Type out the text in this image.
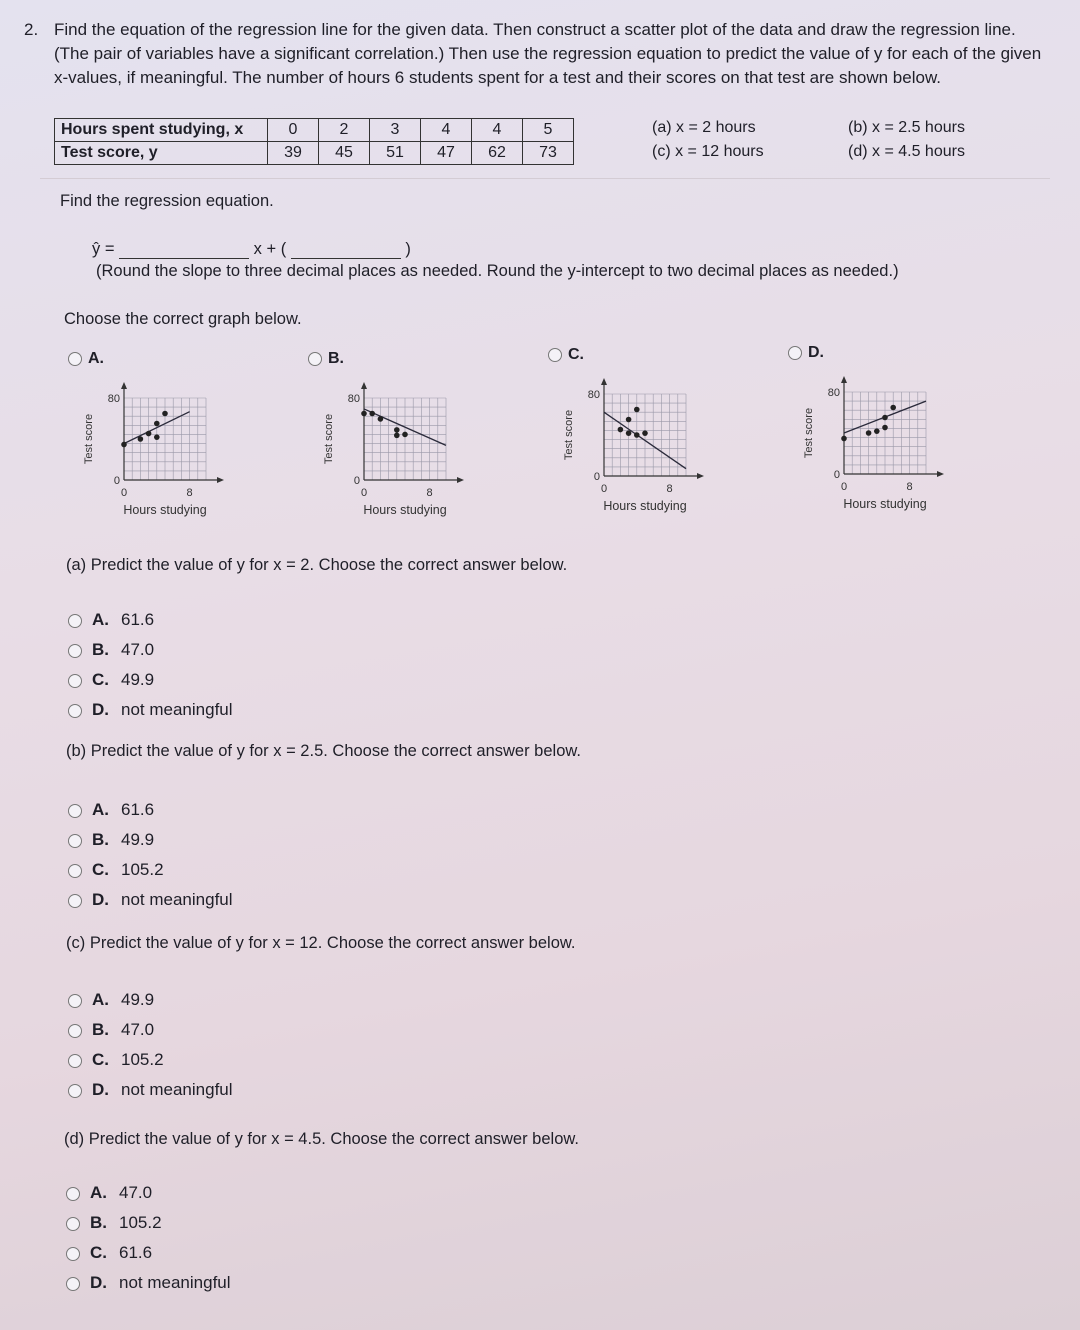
2. Find the equation of the regression line for the given data. Then construct a scatter plot of the data and draw the regression line. (The pair of variables have a significant correlation.) Then use the regression equation to predict the value of y for each of the given x-values, if meaningful. The number of hours 6 students spent for a test and their scores on that test are shown below.
Hours spent studying, x	0	2	3	4	4	5
Test score, y	39	45	51	47	62	73
(a) x = 2 hours
(c) x = 12 hours
(b) x = 2.5 hours
(d) x = 4.5 hours
Find the regression equation.
ŷ =	x + (	)
(Round the slope to three decimal places as needed. Round the y-intercept to two decimal places as needed.)
Choose the correct graph below.
A.
80
0
0	8
Hours studying
Test score
B.
80
0
0	8
Hours studying
Test score
C.
80
0
0	8
Hours studying
Test score
D.
80
0
0	8
Hours studying
Test score
(a) Predict the value of y for x = 2. Choose the correct answer below.
A. 61.6
B. 47.0
C. 49.9
D. not meaningful
(b) Predict the value of y for x = 2.5. Choose the correct answer below.
A. 61.6
B. 49.9
C. 105.2
D. not meaningful
(c) Predict the value of y for x = 12. Choose the correct answer below.
A. 49.9
B. 47.0
C. 105.2
D. not meaningful
(d) Predict the value of y for x = 4.5. Choose the correct answer below.
A. 47.0
B. 105.2
C. 61.6
D. not meaningful
